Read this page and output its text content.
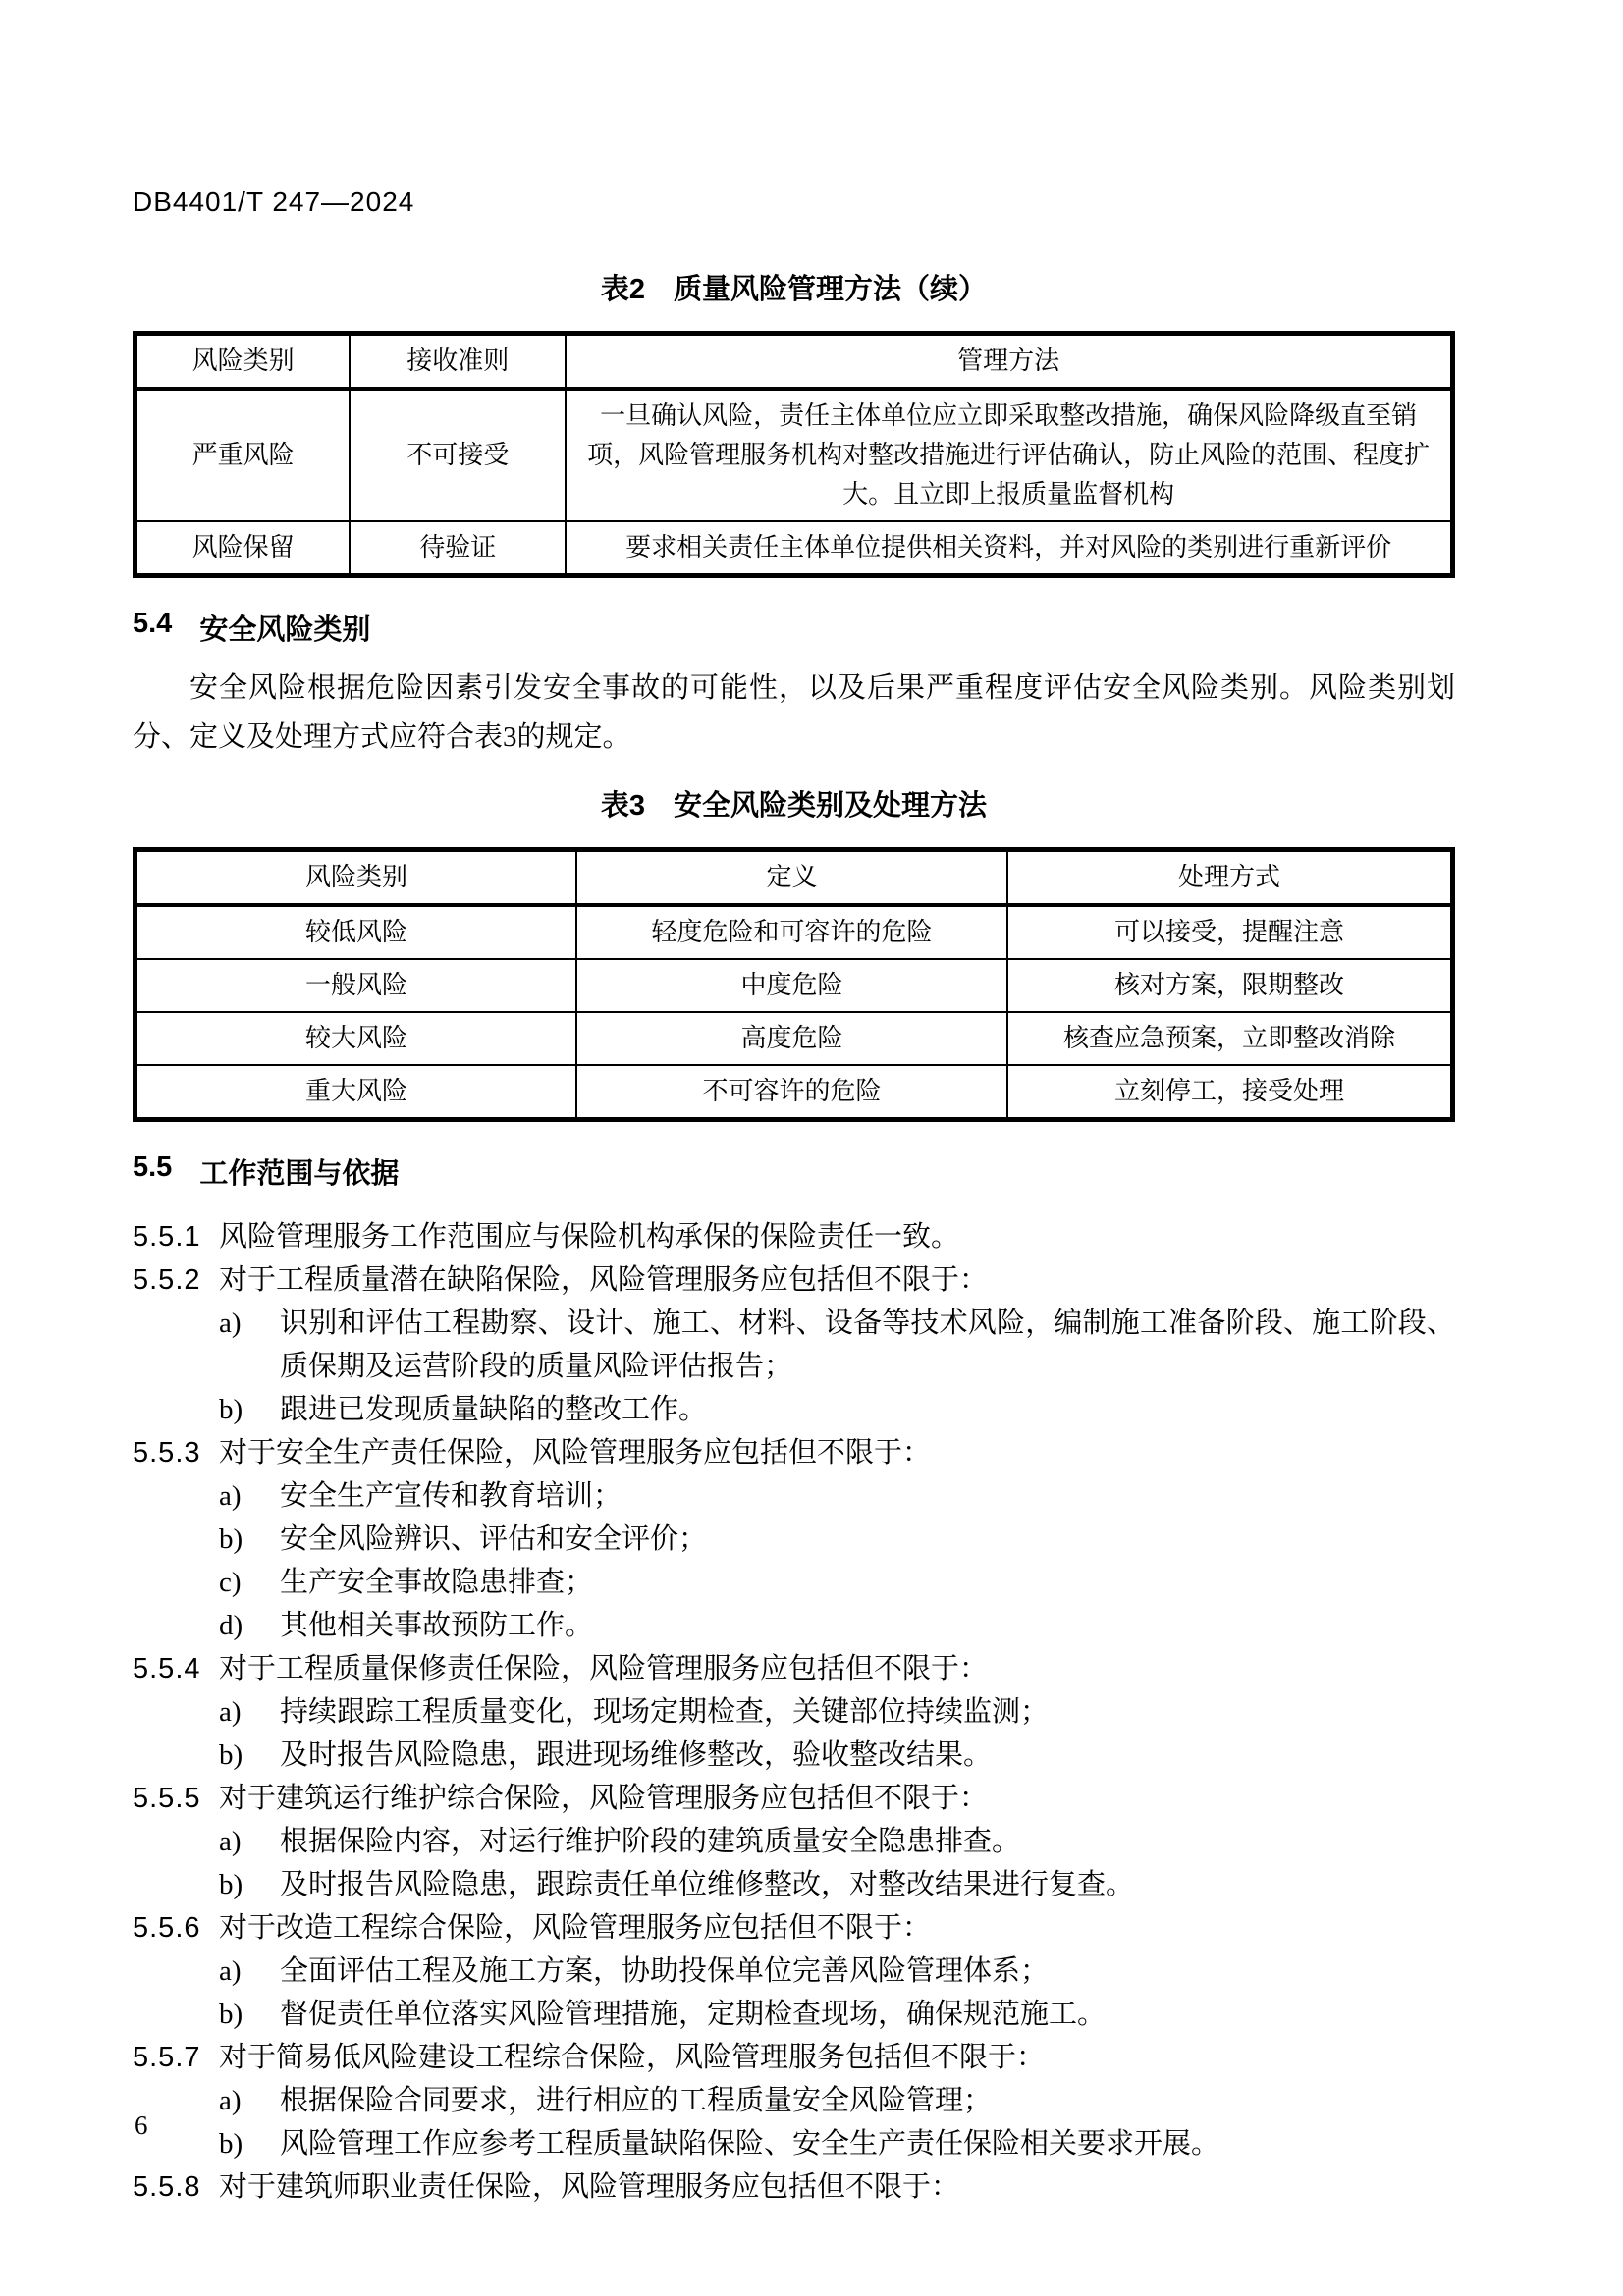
DB4401/T 247—2024
表2　质量风险管理方法（续）
风险类别	接收准则	管理方法
严重风险	不可接受	一旦确认风险，责任主体单位应立即采取整改措施，确保风险降级直至销项，风险管理服务机构对整改措施进行评估确认，防止风险的范围、程度扩大。且立即上报质量监督机构
风险保留	待验证	要求相关责任主体单位提供相关资料，并对风险的类别进行重新评价
5.4 安全风险类别
安全风险根据危险因素引发安全事故的可能性，以及后果严重程度评估安全风险类别。风险类别划分、定义及处理方式应符合表3的规定。
表3　安全风险类别及处理方法
风险类别	定义	处理方式
较低风险	轻度危险和可容许的危险	可以接受，提醒注意
一般风险	中度危险	核对方案，限期整改
较大风险	高度危险	核查应急预案，立即整改消除
重大风险	不可容许的危险	立刻停工，接受处理
5.5 工作范围与依据
5.5.1 风险管理服务工作范围应与保险机构承保的保险责任一致。
5.5.2 对于工程质量潜在缺陷保险，风险管理服务应包括但不限于：
a) 识别和评估工程勘察、设计、施工、材料、设备等技术风险，编制施工准备阶段、施工阶段、质保期及运营阶段的质量风险评估报告；
b) 跟进已发现质量缺陷的整改工作。
5.5.3 对于安全生产责任保险，风险管理服务应包括但不限于：
a) 安全生产宣传和教育培训；
b) 安全风险辨识、评估和安全评价；
c) 生产安全事故隐患排查；
d) 其他相关事故预防工作。
5.5.4 对于工程质量保修责任保险，风险管理服务应包括但不限于：
a) 持续跟踪工程质量变化，现场定期检查，关键部位持续监测；
b) 及时报告风险隐患，跟进现场维修整改，验收整改结果。
5.5.5 对于建筑运行维护综合保险，风险管理服务应包括但不限于：
a) 根据保险内容，对运行维护阶段的建筑质量安全隐患排查。
b) 及时报告风险隐患，跟踪责任单位维修整改，对整改结果进行复查。
5.5.6 对于改造工程综合保险，风险管理服务应包括但不限于：
a) 全面评估工程及施工方案，协助投保单位完善风险管理体系；
b) 督促责任单位落实风险管理措施，定期检查现场，确保规范施工。
5.5.7 对于简易低风险建设工程综合保险，风险管理服务包括但不限于：
a) 根据保险合同要求，进行相应的工程质量安全风险管理；
b) 风险管理工作应参考工程质量缺陷保险、安全生产责任保险相关要求开展。
5.5.8 对于建筑师职业责任保险，风险管理服务应包括但不限于：
6
